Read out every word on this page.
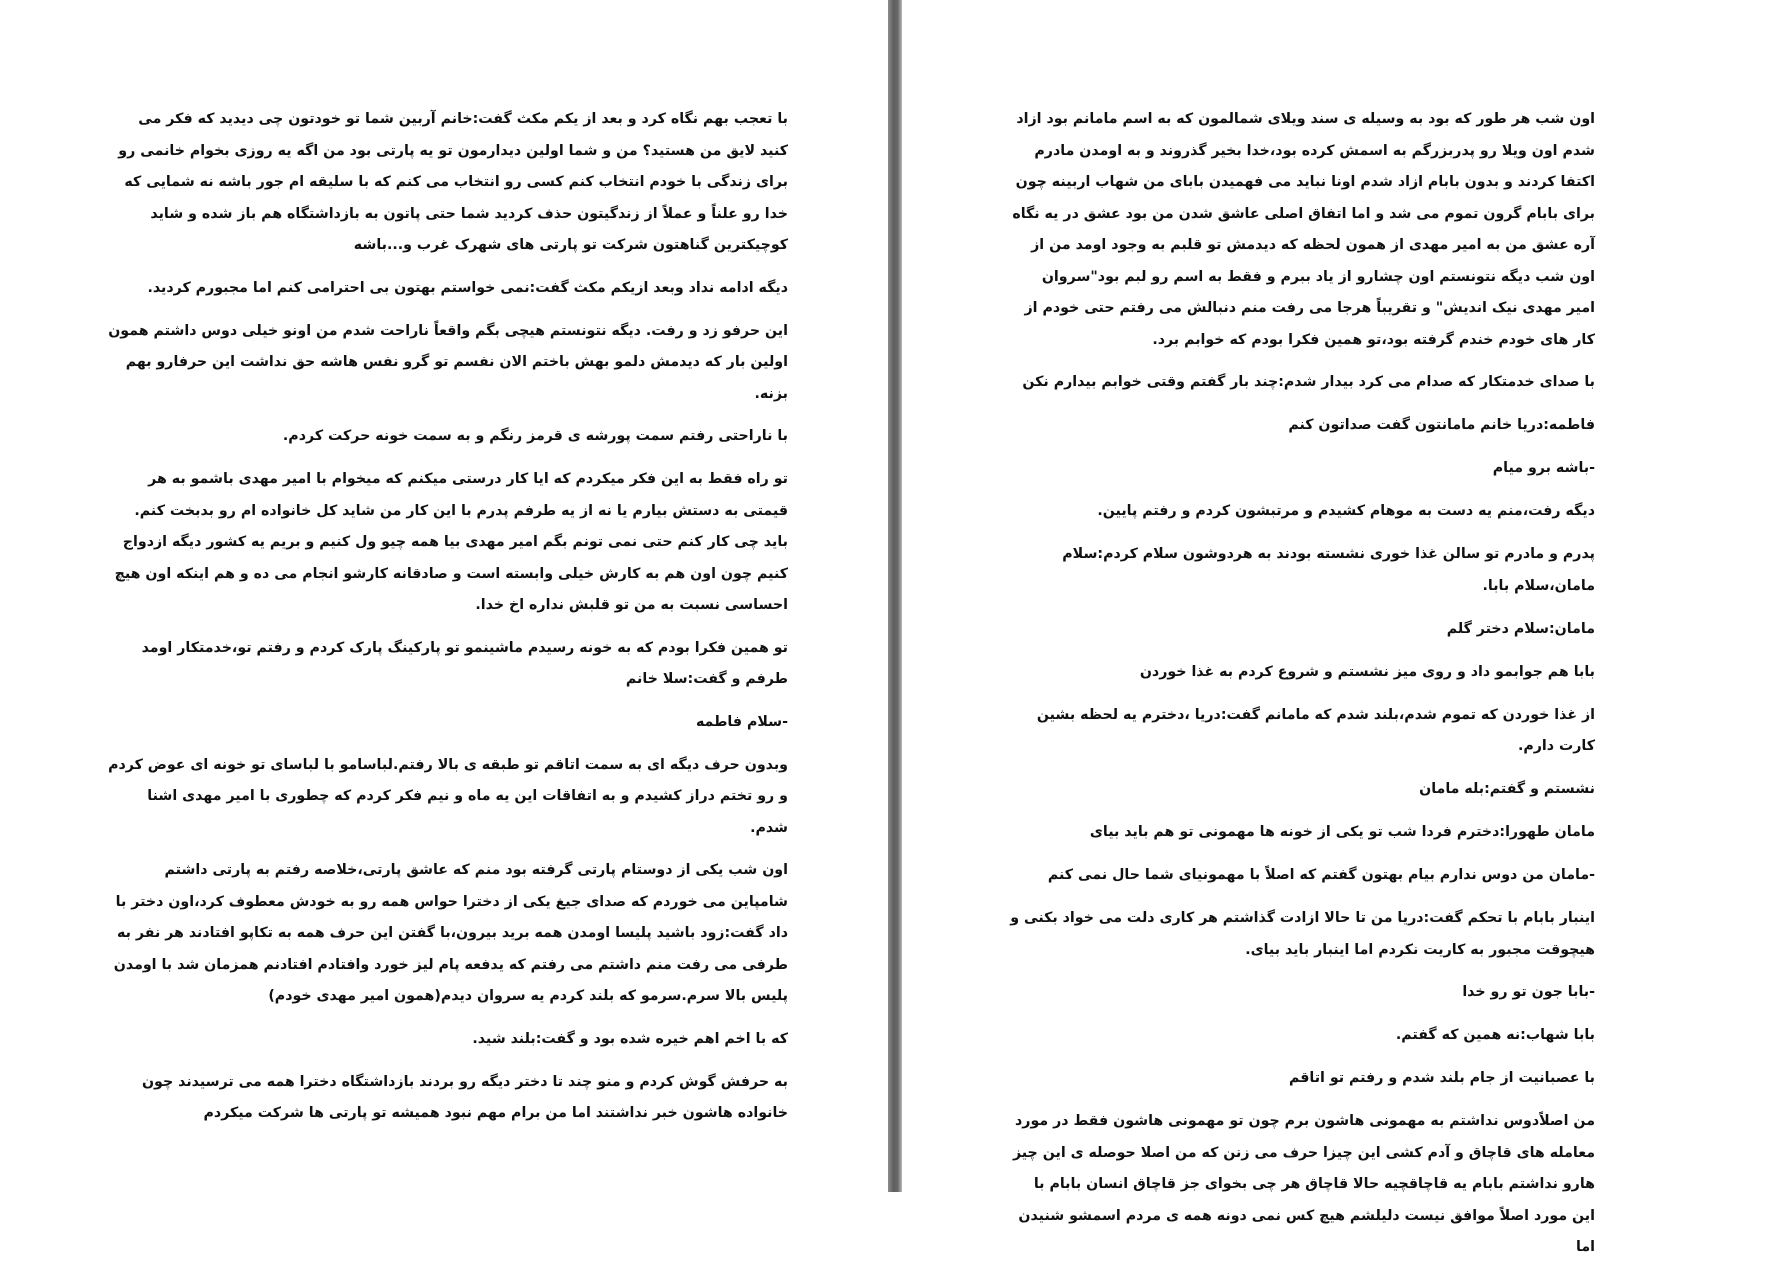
با تعجب بهم نگاه کرد و بعد از یکم مکث گفت:خانم آربین شما تو خودتون چی دیدید که فکر می کنید لایق من هستید؟ من و شما اولین دیدارمون تو یه پارتی بود من اگه یه روزی بخوام خانمی رو برای زندگی با خودم انتخاب کنم کسی رو انتخاب می کنم که با سلیقه ام جور باشه نه شمایی که خدا رو علناً و عملاً از زندگیتون حذف کردید شما حتی پاتون به بازداشتگاه هم باز شده و شاید کوچیکترین گناهتون شرکت تو پارتی های شهرک غرب و...باشه

دیگه ادامه نداد وبعد ازیکم مکث گفت:نمی خواستم بهتون بی احترامی کنم اما مجبورم کردید.

این حرفو زد و رفت. دیگه نتونستم هیچی بگم واقعاً ناراحت شدم من اونو خیلی دوس داشتم همون اولین بار که دیدمش دلمو بهش باختم الان نفسم تو گرو نفس هاشه حق نداشت این حرفارو بهم بزنه.

با ناراحتی رفتم سمت پورشه ی قرمز رنگم و به سمت خونه حرکت کردم.

تو راه فقط به این فکر میکردم که ایا کار درستی میکنم که میخوام با امیر مهدی باشمو به هر قیمتی به دستش بیارم یا نه از یه طرفم پدرم با این کار من شاید کل خانواده ام رو بدبخت کنم. باید چی کار کنم حتی نمی تونم بگم امیر مهدی بیا همه چیو ول کنیم و بریم یه کشور دیگه ازدواج کنیم چون اون هم به کارش خیلی وابسته است و صادقانه کارشو انجام می ده و هم اینکه اون هیچ احساسی نسبت به من تو قلبش نداره اخ خدا.

تو همین فکرا بودم که به خونه رسیدم ماشینمو تو پارکینگ پارک کردم و رفتم تو،خدمتکار اومد طرفم و گفت:سلا خانم

-سلام فاطمه

وبدون حرف دیگه ای به سمت اتاقم تو طبقه ی بالا رفتم.لباسامو با لباسای تو خونه ای عوض کردم و رو تختم دراز کشیدم و به اتفاقات این یه ماه و نیم فکر کردم که چطوری با امیر مهدی اشنا شدم.

اون شب یکی از دوستام پارتی گرفته بود منم که عاشق پارتی،خلاصه رفتم به پارتی داشتم شامپاین می خوردم که صدای جیغ یکی از دخترا حواس همه رو به خودش معطوف کرد،اون دختر با داد گفت:زود باشید پلیسا اومدن همه برید بیرون،با گفتن این حرف همه به تکاپو افتادند هر نفر به طرفی می رفت منم داشتم می رفتم که یدفعه پام لیز خورد وافتادم افتادنم همزمان شد با اومدن پلیس بالا سرم.سرمو که بلند کردم یه سروان دیدم(همون امیر مهدی خودم)

که با اخم اهم خیره شده بود و گفت:بلند شید.

به حرفش گوش کردم و منو چند تا دختر دیگه رو بردند بازداشتگاه دخترا همه می ترسیدند چون خانواده هاشون خبر نداشتند اما من برام مهم نبود همیشه تو پارتی ها شرکت میکردم

اون شب هر طور که بود به وسیله ی سند ویلای شمالمون که به اسم مامانم بود ازاد شدم اون ویلا رو پدربزرگم به اسمش کرده بود،خدا بخیر گذروند و به اومدن مادرم اکتفا کردند و بدون بابام ازاد شدم اونا نباید می فهمیدن بابای من شهاب اربینه چون برای بابام گرون تموم می شد و اما اتفاق اصلی عاشق شدن من بود عشق در یه نگاه آره عشق من به امیر مهدی از همون لحظه که دیدمش تو قلبم به وجود اومد من از اون شب دیگه نتونستم اون چشارو از یاد ببرم و فقط به اسم رو لبم بود"سروان امیر مهدی نیک اندیش" و تقریباً هرجا می رفت منم دنبالش می رفتم حتی خودم از کار های خودم خندم گرفته بود،تو همین فکرا بودم که خوابم برد.

با صدای خدمتکار که صدام می کرد بیدار شدم:چند بار گفتم وقتی خوابم بیدارم نکن

فاطمه:دریا خانم مامانتون گفت صداتون کنم

-باشه برو میام

دیگه رفت،منم یه دست به موهام کشیدم و مرتبشون کردم و رفتم پایین.

پدرم و مادرم تو سالن غذا خوری نشسته بودند به هردوشون سلام کردم:سلام مامان،سلام بابا.

مامان:سلام دختر گلم

بابا هم جوابمو داد و روی میز نشستم و شروع کردم به غذا خوردن

از غذا خوردن که تموم شدم،بلند شدم که مامانم گفت:دریا ،دخترم یه لحظه بشین کارت دارم.

نشستم و گفتم:بله مامان

مامان طهورا:دخترم فردا شب تو یکی از خونه ها مهمونی تو هم باید بیای

-مامان من دوس ندارم بیام بهتون گفتم که اصلاً با مهمونیای شما حال نمی کنم

اینبار بابام با تحکم گفت:دریا من تا حالا ازادت گذاشتم هر کاری دلت می خواد بکنی و هیچوقت مجبور به کاریت نکردم اما اینبار باید بیای.

-بابا جون تو رو خدا

بابا شهاب:نه همین که گفتم.

با عصبانیت از جام بلند شدم و رفتم تو اتاقم

من اصلاًدوس نداشتم به مهمونی هاشون برم چون تو مهمونی هاشون فقط در مورد معامله های قاچاق و آدم کشی این چیزا حرف می زنن که من اصلا حوصله ی این چیز هارو نداشتم بابام یه قاچاقچیه حالا قاچاق هر چی بخوای جز قاچاق انسان بابام با این مورد اصلاً موافق نیست دلیلشم هیچ کس نمی دونه همه ی مردم اسمشو شنیدن اما
